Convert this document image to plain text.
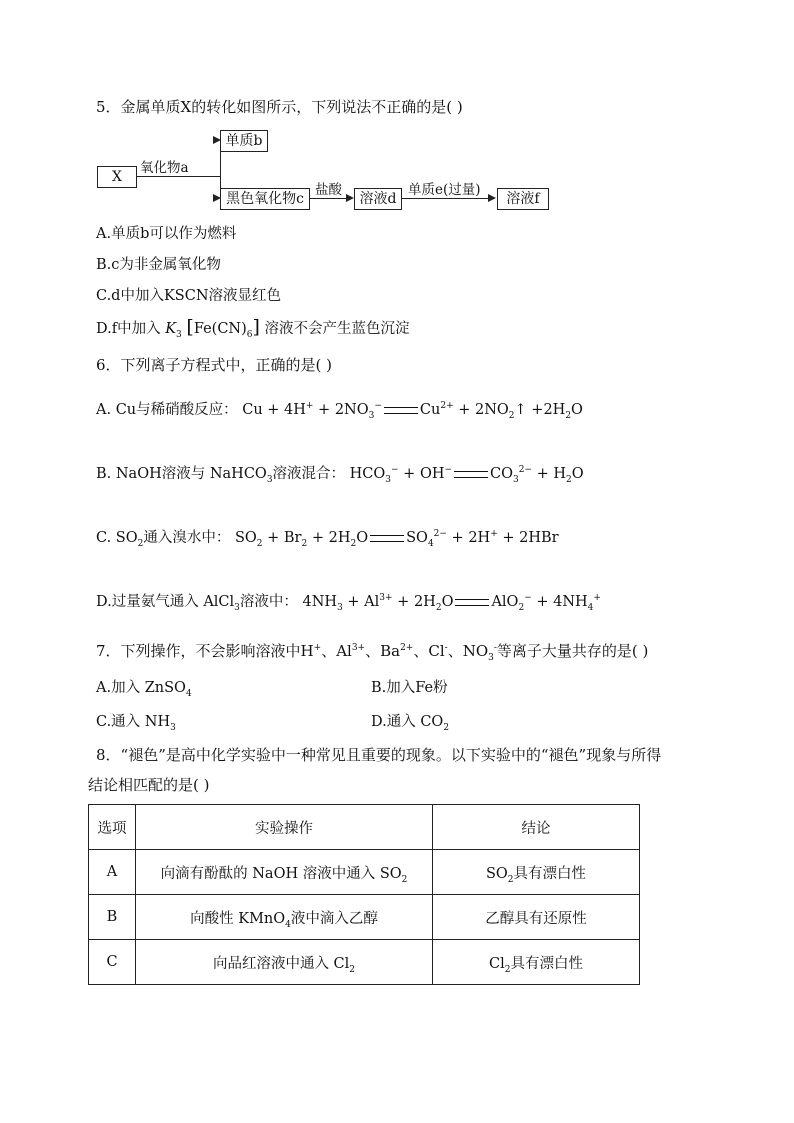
5．金属单质X的转化如图所示，下列说法不正确的是( )
X
氧化物a
单质b
黑色氧化物c
盐酸
溶液d
单质e(过量)
溶液f
A.单质b可以作为燃料
B.c为非金属氧化物
C.d中加入KSCN溶液显红色
D.f中加入 $K_3$ $[Fe(CN)_6]$ 溶液不会产生蓝色沉淀
6．下列离子方程式中，正确的是( )
A. Cu与稀硝酸反应： $Cu + 4H^+ + 2NO_3^-$	$Cu^{2+}$ + $2NO_2↑ +2H_2O$
B. NaOH溶液与 NaHCO$_3$溶液混合： $HCO_3^- + OH^-$	$CO_3^{2-} + H_2O$
C. $SO_2$通入溴水中： $SO_2 + Br_2 + 2H_2O$	$SO_4^{2-} + 2H^+ + 2HBr$
D.过量氨气通入 AlCl$_3$溶液中： $4NH_3 + Al^{3+} + 2H_2O$	$AlO_2^- + 4NH_4^+$
7．下列操作，不会影响溶液中H+、$Al^{3+}$、$Ba^{2+}$、Cl-、$NO_3^-$等离子大量共存的是( )
A.加入 ZnSO$_4$	B.加入Fe粉
C.通入 $NH_3$	D.通入 $CO_2$
8．“褪色”是高中化学实验中一种常见且重要的现象。以下实验中的“褪色”现象与所得
结论相匹配的是( )
选项	实验操作	结论
A	向滴有酚酞的 NaOH 溶液中通入 $SO_2$	$SO_2$具有漂白性
B	向酸性 KMnO$_4$液中滴入乙醇	乙醇具有还原性
C	向品红溶液中通入 $Cl_2$	$Cl_2$具有漂白性
